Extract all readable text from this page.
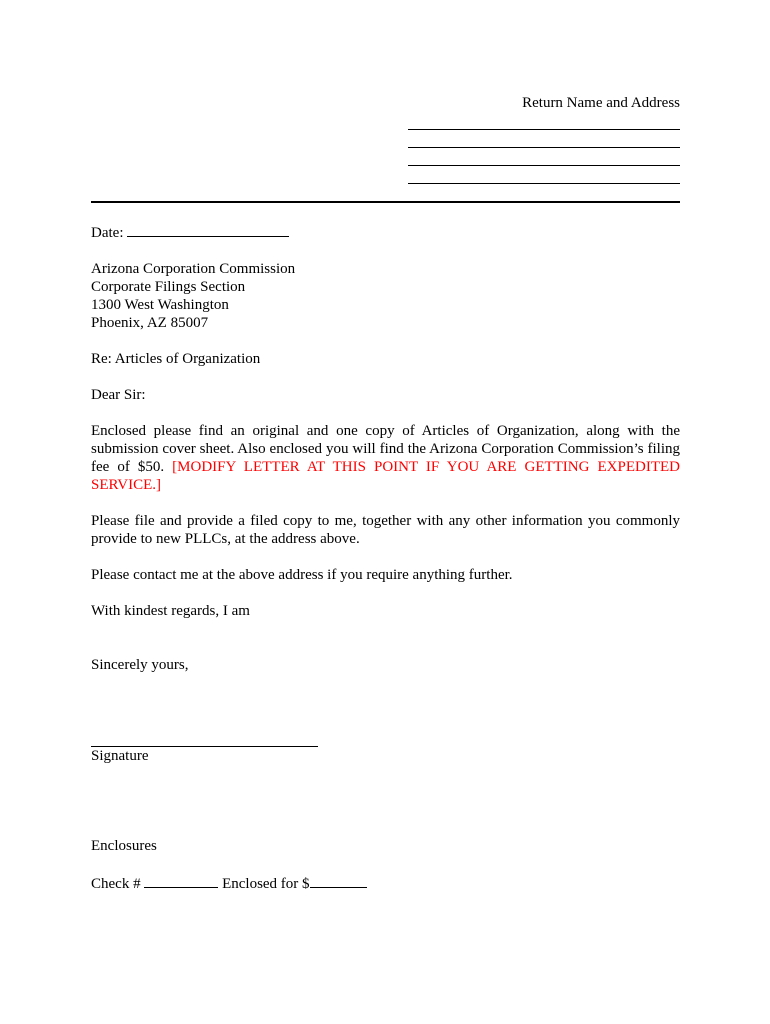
Return Name and Address

Date:

Arizona Corporation Commission
Corporate Filings Section
1300 West Washington
Phoenix, AZ 85007

Re: Articles of Organization

Dear Sir:

Enclosed please find an original and one copy of Articles of Organization, along with the submission cover sheet. Also enclosed you will find the Arizona Corporation Commission’s filing fee of $50. [MODIFY LETTER AT THIS POINT IF YOU ARE GETTING EXPEDITED SERVICE.]

Please file and provide a filed copy to me, together with any other information you commonly provide to new PLLCs, at the address above.

Please contact me at the above address if you require anything further.

With kindest regards, I am

Sincerely yours,

Signature

Enclosures

Check #	Enclosed for $
